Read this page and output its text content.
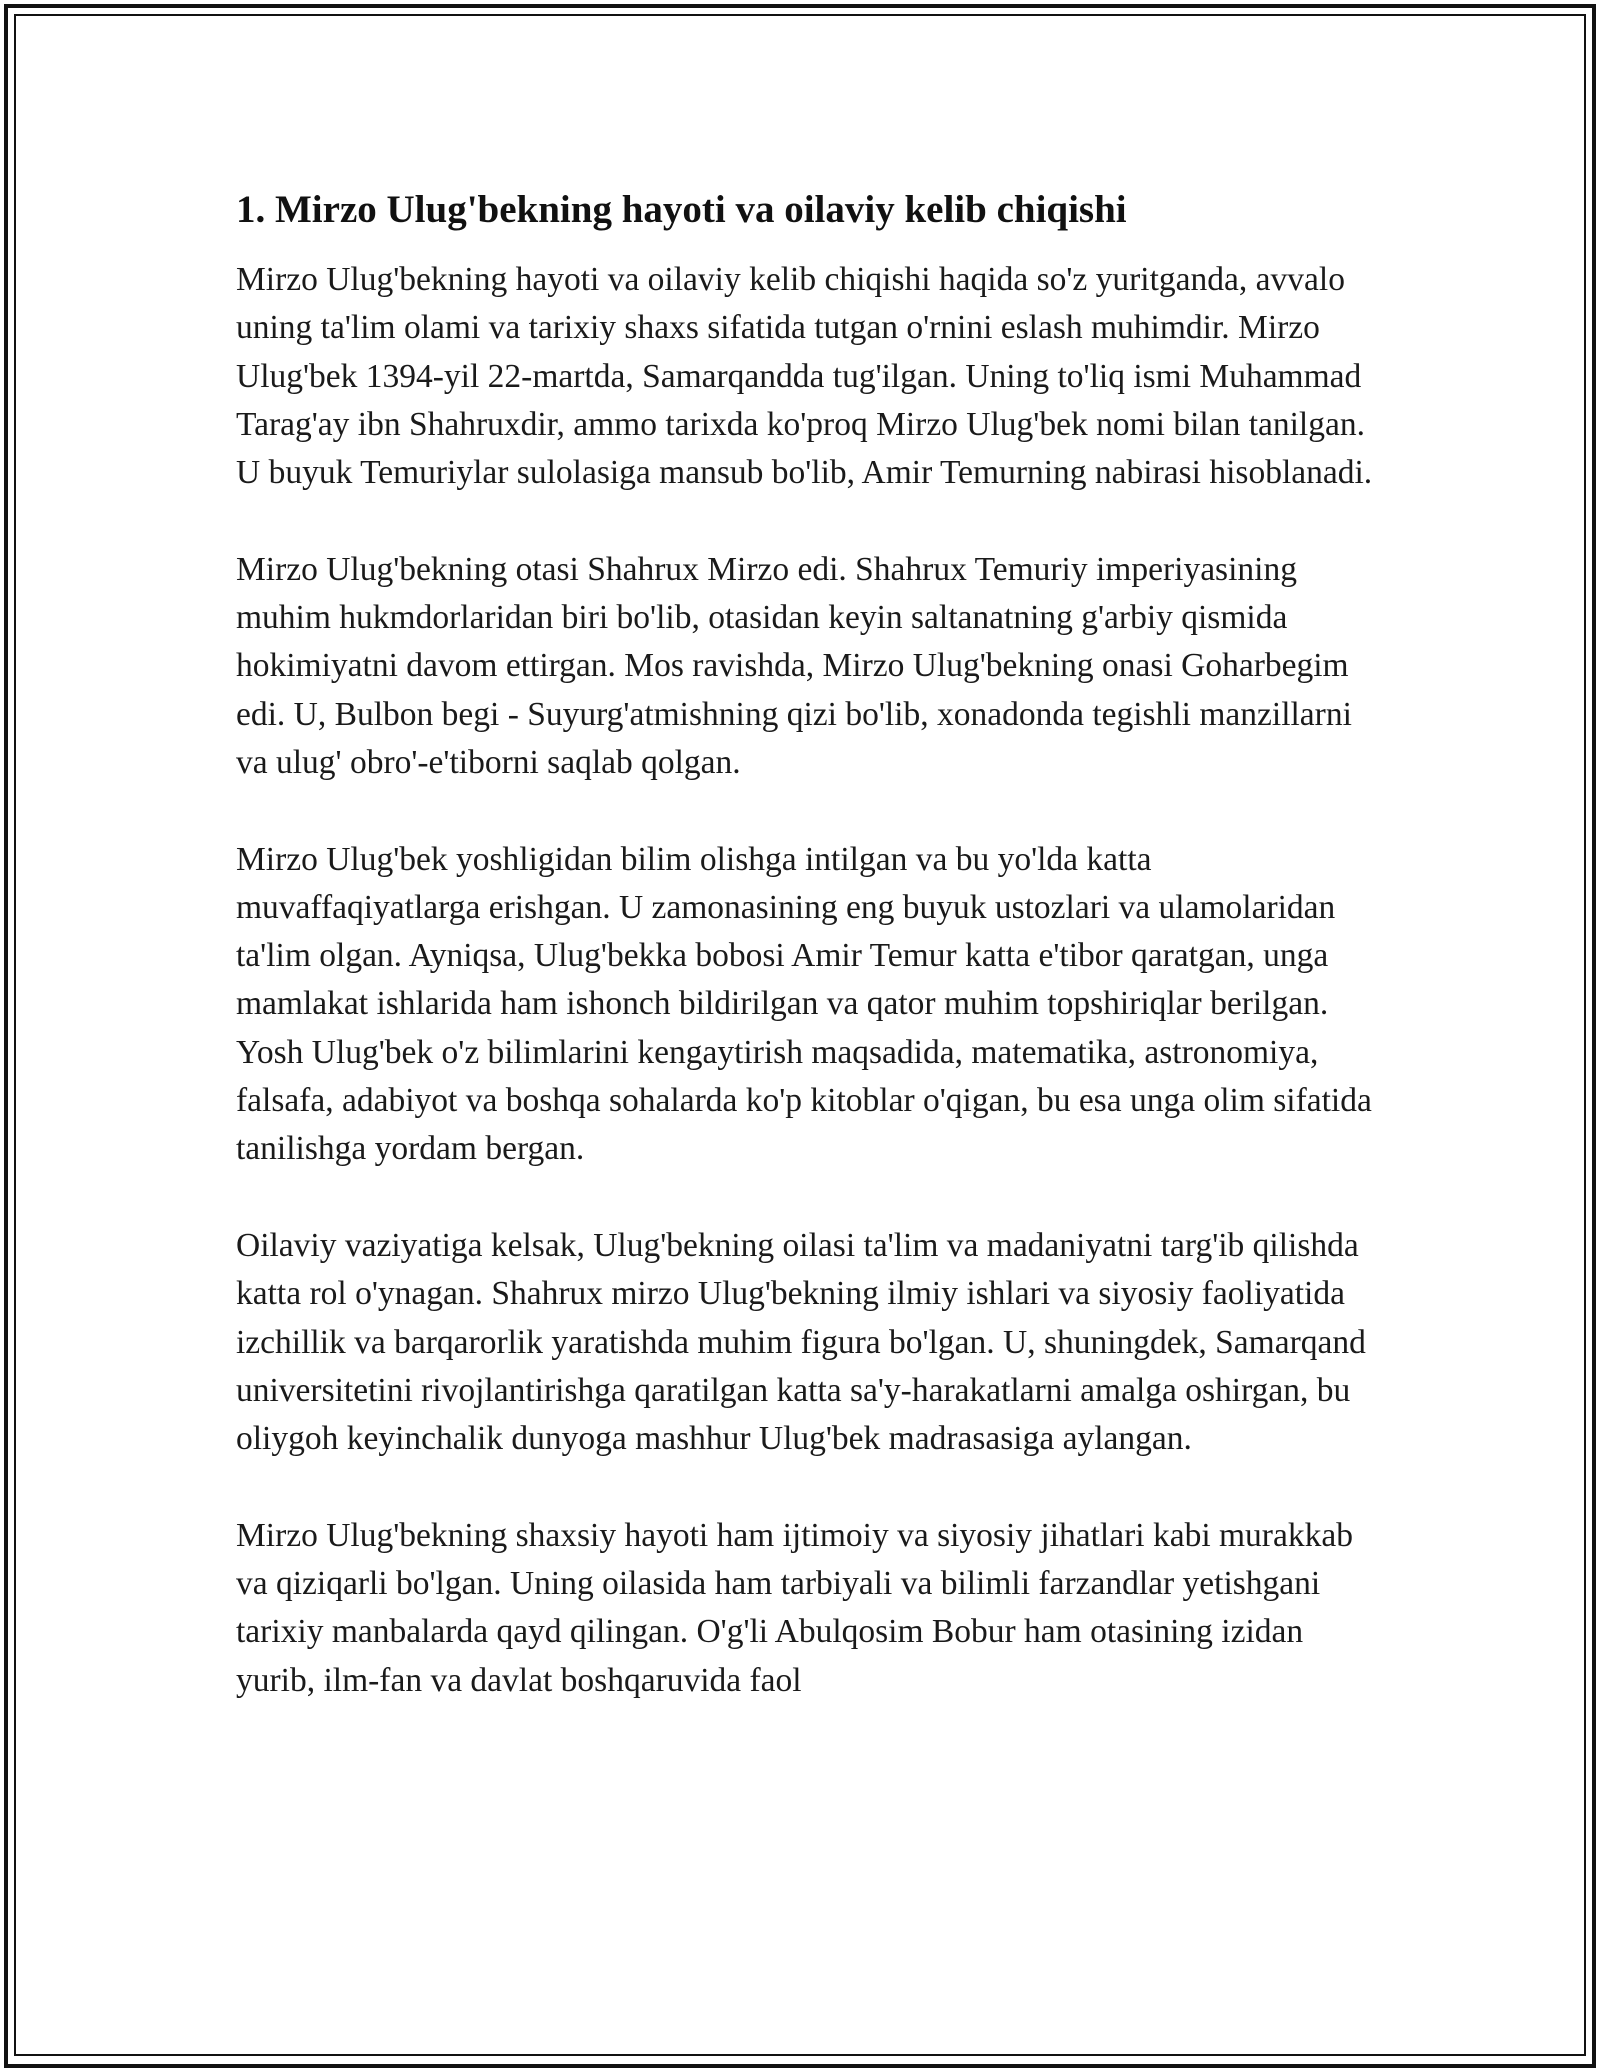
1. Mirzo Ulug'bekning hayoti va oilaviy kelib chiqishi

Mirzo Ulug'bekning hayoti va oilaviy kelib chiqishi haqida so'z yuritganda, avvalo uning ta'lim olami va tarixiy shaxs sifatida tutgan o'rnini eslash muhimdir. Mirzo Ulug'bek 1394-yil 22-martda, Samarqandda tug'ilgan. Uning to'liq ismi Muhammad Tarag'ay ibn Shahruxdir, ammo tarixda ko'proq Mirzo Ulug'bek nomi bilan tanilgan. U buyuk Temuriylar sulolasiga mansub bo'lib, Amir Temurning nabirasi hisoblanadi.

Mirzo Ulug'bekning otasi Shahrux Mirzo edi. Shahrux Temuriy imperiyasining muhim hukmdorlaridan biri bo'lib, otasidan keyin saltanatning g'arbiy qismida hokimiyatni davom ettirgan. Mos ravishda, Mirzo Ulug'bekning onasi Goharbegim edi. U, Bulbon begi - Suyurg'atmishning qizi bo'lib, xonadonda tegishli manzillarni va ulug' obro'-e'tiborni saqlab qolgan.

Mirzo Ulug'bek yoshligidan bilim olishga intilgan va bu yo'lda katta muvaffaqiyatlarga erishgan. U zamonasining eng buyuk ustozlari va ulamolaridan ta'lim olgan. Ayniqsa, Ulug'bekka bobosi Amir Temur katta e'tibor qaratgan, unga mamlakat ishlarida ham ishonch bildirilgan va qator muhim topshiriqlar berilgan. Yosh Ulug'bek o'z bilimlarini kengaytirish maqsadida, matematika, astronomiya, falsafa, adabiyot va boshqa sohalarda ko'p kitoblar o'qigan, bu esa unga olim sifatida tanilishga yordam bergan.

Oilaviy vaziyatiga kelsak, Ulug'bekning oilasi ta'lim va madaniyatni targ'ib qilishda katta rol o'ynagan. Shahrux mirzo Ulug'bekning ilmiy ishlari va siyosiy faoliyatida izchillik va barqarorlik yaratishda muhim figura bo'lgan. U, shuningdek, Samarqand universitetini rivojlantirishga qaratilgan katta sa'y-harakatlarni amalga oshirgan, bu oliygoh keyinchalik dunyoga mashhur Ulug'bek madrasasiga aylangan.

Mirzo Ulug'bekning shaxsiy hayoti ham ijtimoiy va siyosiy jihatlari kabi murakkab va qiziqarli bo'lgan. Uning oilasida ham tarbiyali va bilimli farzandlar yetishgani tarixiy manbalarda qayd qilingan. O'g'li Abulqosim Bobur ham otasining izidan yurib, ilm-fan va davlat boshqaruvida faol
